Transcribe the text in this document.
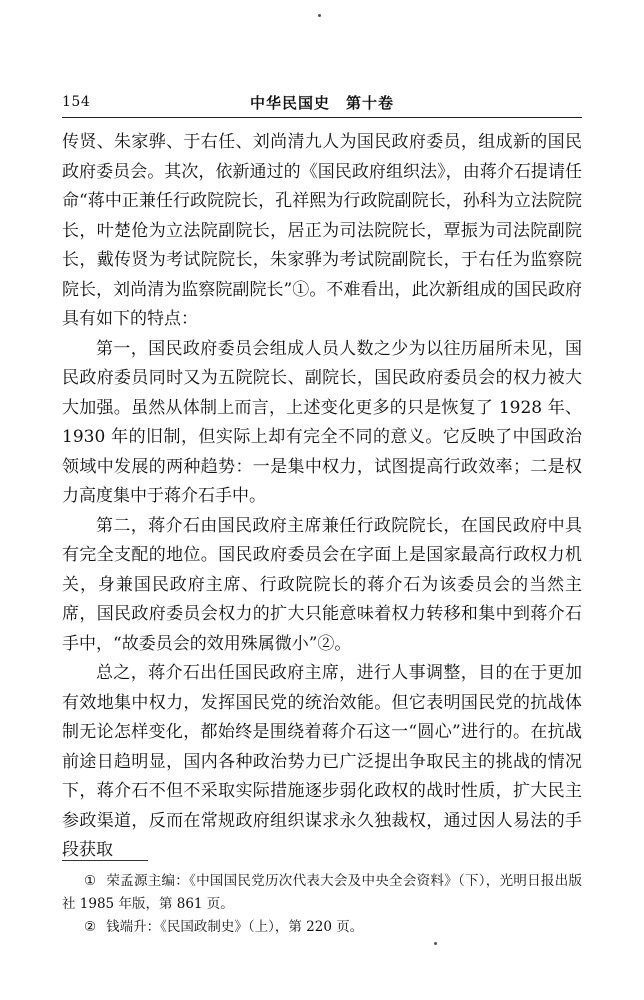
154	中华民国史　第十卷

传贤、朱家骅、于右任、刘尚清九人为国民政府委员，组成新的国民政府委员会。其次，依新通过的《国民政府组织法》，由蒋介石提请任命“蒋中正兼任行政院院长，孔祥熙为行政院副院长，孙科为立法院院长，叶楚伧为立法院副院长，居正为司法院院长，覃振为司法院副院长，戴传贤为考试院院长，朱家骅为考试院副院长，于右任为监察院院长，刘尚清为监察院副院长”①。不难看出，此次新组成的国民政府具有如下的特点：

第一，国民政府委员会组成人员人数之少为以往历届所未见，国民政府委员同时又为五院院长、副院长，国民政府委员会的权力被大大加强。虽然从体制上而言，上述变化更多的只是恢复了 1928 年、1930 年的旧制，但实际上却有完全不同的意义。它反映了中国政治领域中发展的两种趋势：一是集中权力，试图提高行政效率；二是权力高度集中于蒋介石手中。

第二，蒋介石由国民政府主席兼任行政院院长，在国民政府中具有完全支配的地位。国民政府委员会在字面上是国家最高行政权力机关，身兼国民政府主席、行政院院长的蒋介石为该委员会的当然主席，国民政府委员会权力的扩大只能意味着权力转移和集中到蒋介石手中，“故委员会的效用殊属微小”②。

总之，蒋介石出任国民政府主席，进行人事调整，目的在于更加有效地集中权力，发挥国民党的统治效能。但它表明国民党的抗战体制无论怎样变化，都始终是围绕着蒋介石这一“圆心”进行的。在抗战前途日趋明显，国内各种政治势力已广泛提出争取民主的挑战的情况下，蒋介石不但不采取实际措施逐步弱化政权的战时性质，扩大民主参政渠道，反而在常规政府组织谋求永久独裁权，通过因人易法的手段获取

① 荣孟源主编：《中国国民党历次代表大会及中央全会资料》（下），光明日报出版社 1985 年版，第 861 页。

② 钱端升：《民国政制史》（上），第 220 页。
